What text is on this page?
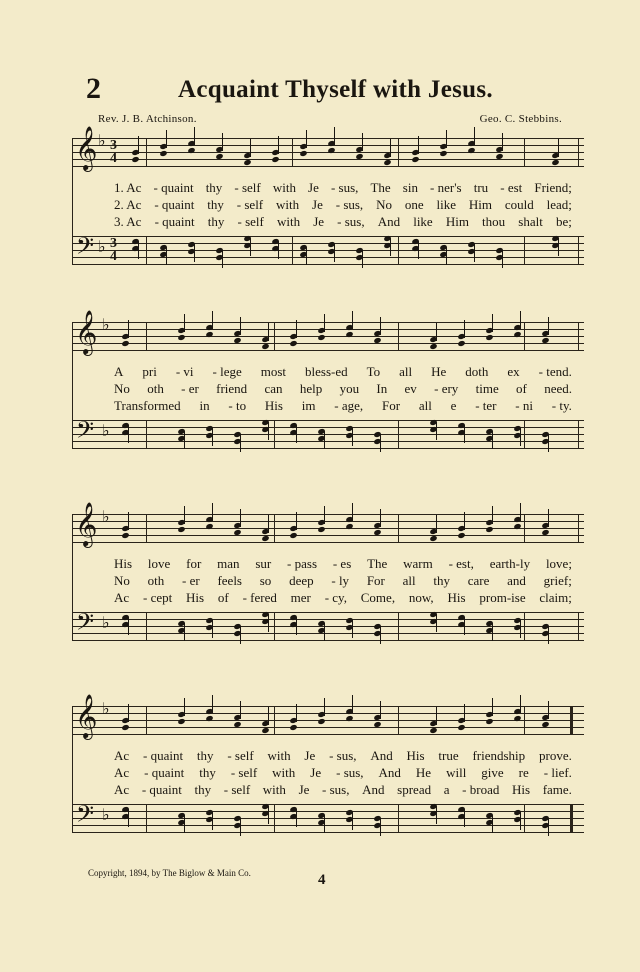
2	Acquaint Thyself with Jesus.
Rev. J. B. Atchinson.	Geo. C. Stebbins.
𝄞 ♭ 3
4
1. Ac - quaint thy - self with Je - sus, The sin - ner's tru - est Friend;
2. Ac - quaint thy - self with Je - sus, No one like Him could lead;
3. Ac - quaint thy - self with Je - sus, And like Him thou shalt be;
𝄢 ♭ 3
4
𝄞 ♭
A pri - vi - lege most bless-ed To all He doth ex - tend.
No oth - er friend can help you In ev - ery time of need.
Transformed in - to His im - age, For all e - ter - ni - ty.
𝄢 ♭
𝄞 ♭
His love for man sur - pass - es The warm - est, earth-ly love;
No oth - er feels so deep - ly For all thy care and grief;
Ac - cept His of - fered mer - cy, Come, now, His prom-ise claim;
𝄢 ♭
𝄞 ♭
Ac - quaint thy - self with Je - sus, And His true friendship prove.
Ac - quaint thy - self with Je - sus, And He will give re - lief.
Ac - quaint thy - self with Je - sus, And spread a - broad His fame.
𝄢 ♭
Copyright, 1894, by The Biglow & Main Co.	4
